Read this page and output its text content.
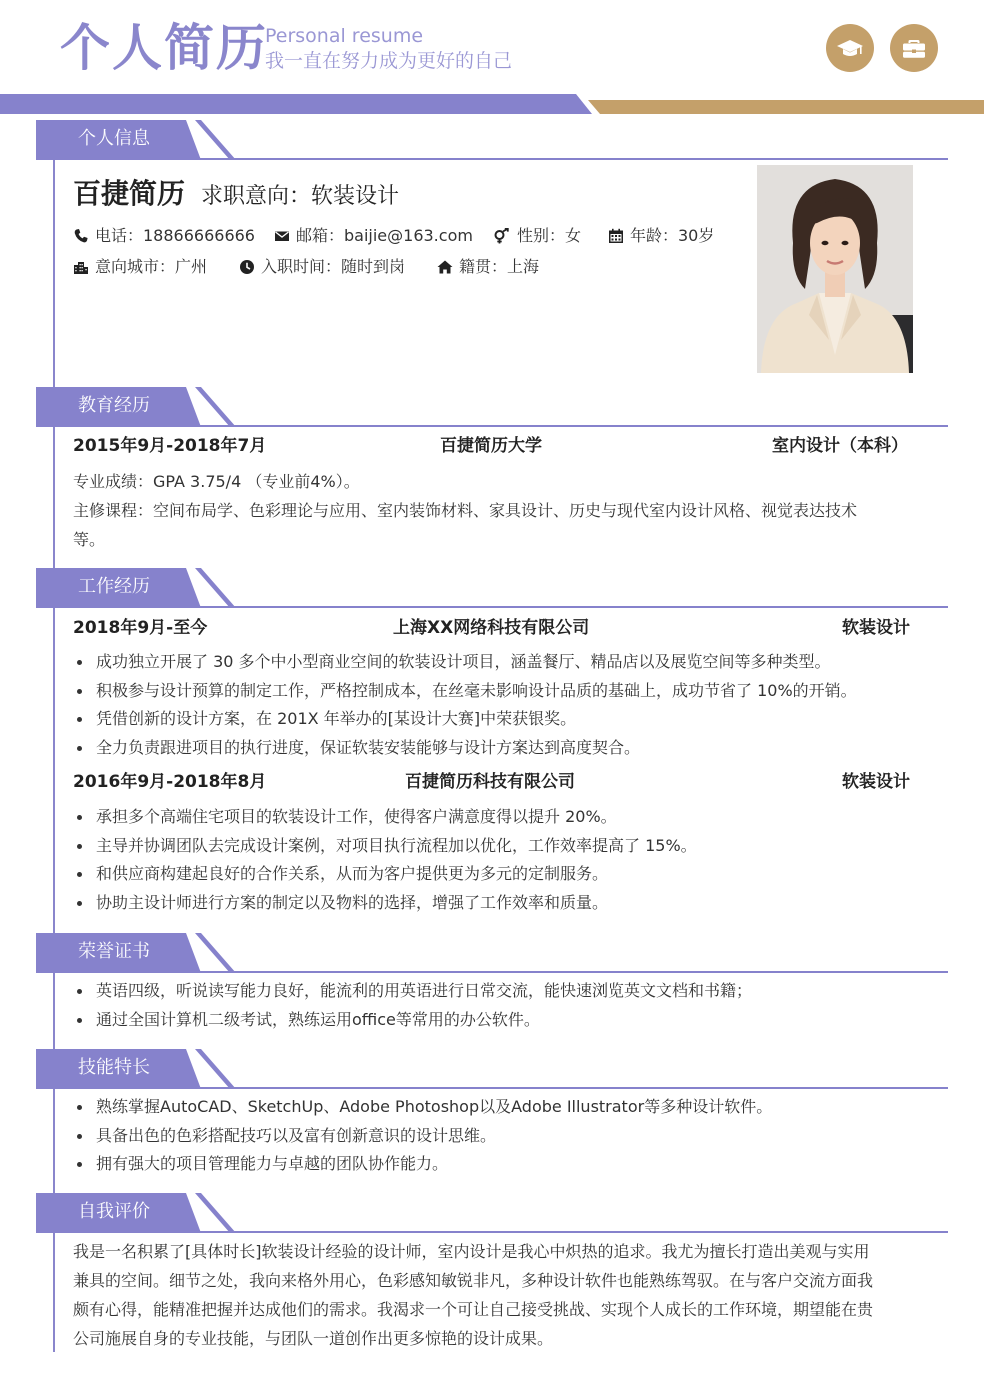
个人简历
Personal resume
我一直在努力成为更好的自己
个人信息
百捷简历 求职意向：软装设计
电话：18866666666	邮箱：baijie@163.com	性别：女	年龄：30岁
意向城市：广州	入职时间：随时到岗	籍贯：上海
教育经历
2015年9月-2018年7月	百捷简历大学	室内设计（本科）
专业成绩：GPA 3.75/4 （专业前4%）。
主修课程：空间布局学、色彩理论与应用、室内装饰材料、家具设计、历史与现代室内设计风格、视觉表达技术
等。
工作经历
2018年9月-至今	上海XX网络科技有限公司	软装设计
成功独立开展了 30 多个中小型商业空间的软装设计项目，涵盖餐厅、精品店以及展览空间等多种类型。
积极参与设计预算的制定工作，严格控制成本，在丝毫未影响设计品质的基础上，成功节省了 10%的开销。
凭借创新的设计方案，在 201X 年举办的[某设计大赛]中荣获银奖。
全力负责跟进项目的执行进度，保证软装安装能够与设计方案达到高度契合。
2016年9月-2018年8月	百捷简历科技有限公司	软装设计
承担多个高端住宅项目的软装设计工作，使得客户满意度得以提升 20%。
主导并协调团队去完成设计案例，对项目执行流程加以优化，工作效率提高了 15%。
和供应商构建起良好的合作关系，从而为客户提供更为多元的定制服务。
协助主设计师进行方案的制定以及物料的选择，增强了工作效率和质量。
荣誉证书
英语四级，听说读写能力良好，能流利的用英语进行日常交流，能快速浏览英文文档和书籍；
通过全国计算机二级考试，熟练运用office等常用的办公软件。
技能特长
熟练掌握AutoCAD、SketchUp、Adobe Photoshop以及Adobe Illustrator等多种设计软件。
具备出色的色彩搭配技巧以及富有创新意识的设计思维。
拥有强大的项目管理能力与卓越的团队协作能力。
自我评价
我是一名积累了[具体时长]软装设计经验的设计师，室内设计是我心中炽热的追求。我尤为擅长打造出美观与实用
兼具的空间。细节之处，我向来格外用心，色彩感知敏锐非凡，多种设计软件也能熟练驾驭。在与客户交流方面我
颇有心得，能精准把握并达成他们的需求。我渴求一个可让自己接受挑战、实现个人成长的工作环境，期望能在贵
公司施展自身的专业技能，与团队一道创作出更多惊艳的设计成果。
